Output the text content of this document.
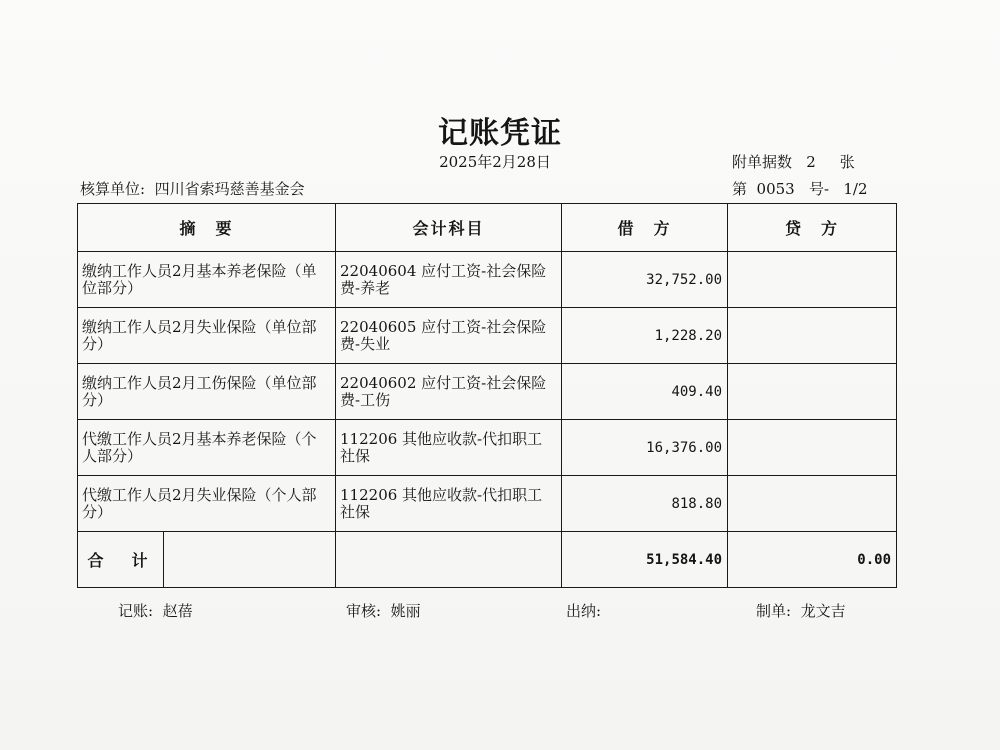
记账凭证
2025年2月28日	附单据数   2     张
核算单位:  四川省索玛慈善基金会	第  0053   号-   1/2
摘　要		会计科目	借　方	贷　方
缴纳工作人员2月基本养老保险（单位部分）		22040604 应付工资-社会保险费-养老	32,752.00	
缴纳工作人员2月失业保险（单位部分）		22040605 应付工资-社会保险费-失业	1,228.20	
缴纳工作人员2月工伤保险（单位部分）		22040602 应付工资-社会保险费-工伤	409.40	
代缴工作人员2月基本养老保险（个人部分）		112206 其他应收款-代扣职工社保	16,376.00	
代缴工作人员2月失业保险（个人部分）		112206 其他应收款-代扣职工社保	818.80	
合　计			51,584.40	0.00
记账:  赵蓓	审核:  姚丽	出纳:	制单:  龙文吉
